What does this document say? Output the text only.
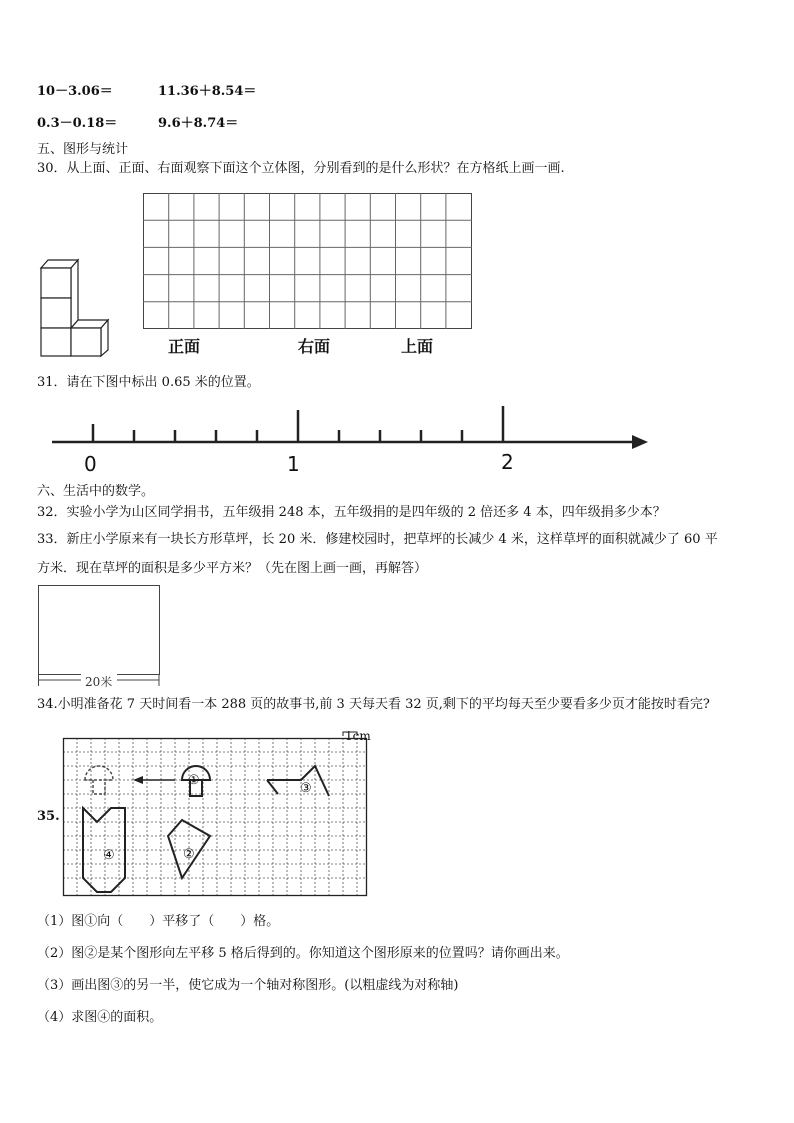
10－3.06＝	11.36＋8.54＝
0.3－0.18＝	9.6＋8.74＝
五、图形与统计
30．从上面、正面、右面观察下面这个立体图，分别看到的是什么形状？在方格纸上画一画.
正面	右面	上面
31．请在下图中标出 0.65 米的位置。
0	1	2
六、生活中的数学。
32．实验小学为山区同学捐书，五年级捐 248 本，五年级捐的是四年级的 2 倍还多 4 本，四年级捐多少本？
33．新庄小学原来有一块长方形草坪，长 20 米．修建校园时，把草坪的长减少 4 米，这样草坪的面积就减少了 60 平
方米．现在草坪的面积是多少平方米？（先在图上画一画，再解答）
20米
34.小明准备花 7 天时间看一本 288 页的故事书,前 3 天每天看 32 页,剩下的平均每天至少要看多少页才能按时看完?
35.
1cm
①
②
③
④
（1）图①向（　　）平移了（　　）格。
（2）图②是某个图形向左平移 5 格后得到的。你知道这个图形原来的位置吗？请你画出来。
（3）画出图③的另一半，使它成为一个轴对称图形。(以粗虚线为对称轴)
（4）求图④的面积。
